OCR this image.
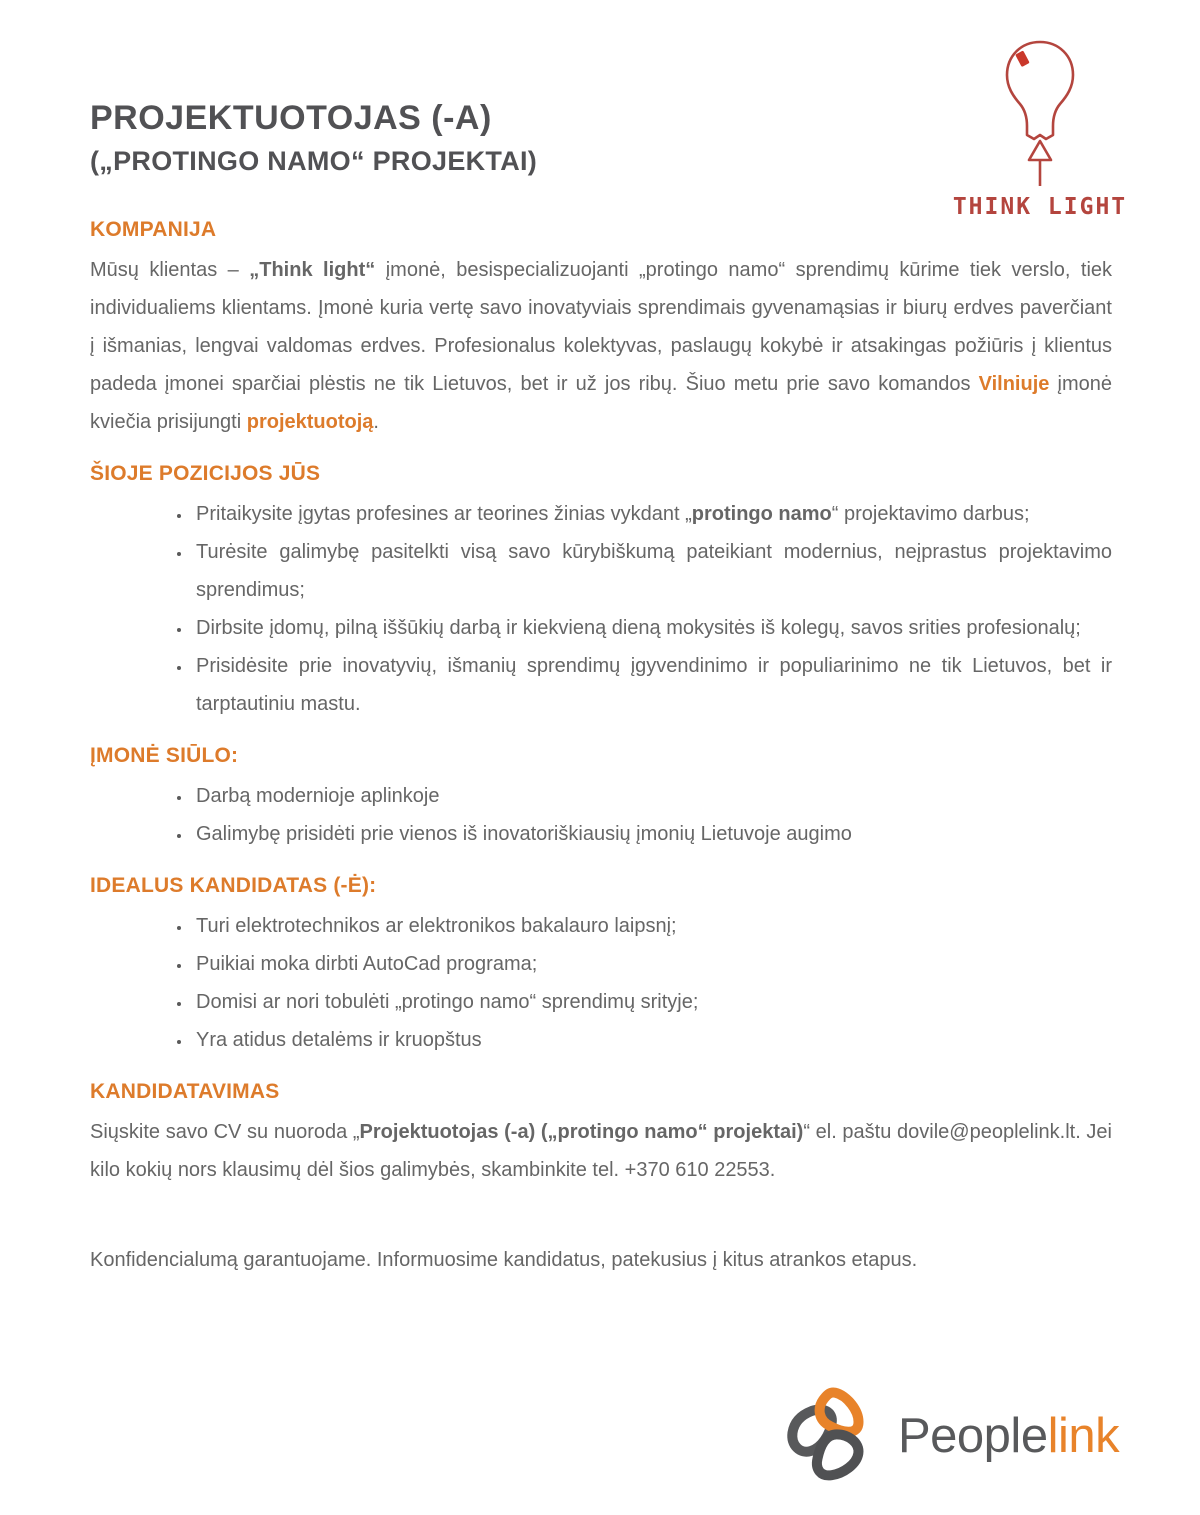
THINK LIGHT
PROJEKTUOTOJAS (-A)
(„PROTINGO NAMO“ PROJEKTAI)
KOMPANIJA

Mūsų klientas – „Think light“ įmonė, besispecializuojanti „protingo namo“ sprendimų kūrime tiek verslo, tiek individualiems klientams. Įmonė kuria vertę savo inovatyviais sprendimais gyvenamąsias ir biurų erdves paverčiant į išmanias, lengvai valdomas erdves. Profesionalus kolektyvas, paslaugų kokybė ir atsakingas požiūris į klientus padeda įmonei sparčiai plėstis ne tik Lietuvos, bet ir už jos ribų. Šiuo metu prie savo komandos Vilniuje įmonė kviečia prisijungti projektuotoją.

ŠIOJE POZICIJOS JŪS
• Pritaikysite įgytas profesines ar teorines žinias vykdant „protingo namo“ projektavimo darbus;
• Turėsite galimybę pasitelkti visą savo kūrybiškumą pateikiant modernius, neįprastus projektavimo sprendimus;
• Dirbsite įdomų, pilną iššūkių darbą ir kiekvieną dieną mokysitės iš kolegų, savos srities profesionalų;
• Prisidėsite prie inovatyvių, išmanių sprendimų įgyvendinimo ir populiarinimo ne tik Lietuvos, bet ir tarptautiniu mastu.
ĮMONĖ SIŪLO:
• Darbą modernioje aplinkoje
• Galimybę prisidėti prie vienos iš inovatoriškiausių įmonių Lietuvoje augimo
IDEALUS KANDIDATAS (-Ė):
• Turi elektrotechnikos ar elektronikos bakalauro laipsnį;
• Puikiai moka dirbti AutoCad programa;
• Domisi ar nori tobulėti „protingo namo“ sprendimų srityje;
• Yra atidus detalėms ir kruopštus
KANDIDATAVIMAS

Siųskite savo CV su nuoroda „Projektuotojas (-a) („protingo namo“ projektai)“ el. paštu dovile@peoplelink.lt. Jei kilo kokių nors klausimų dėl šios galimybės, skambinkite tel. +370 610 22553.

Konfidencialumą garantuojame. Informuosime kandidatus, patekusius į kitus atrankos etapus.

Peoplelink
